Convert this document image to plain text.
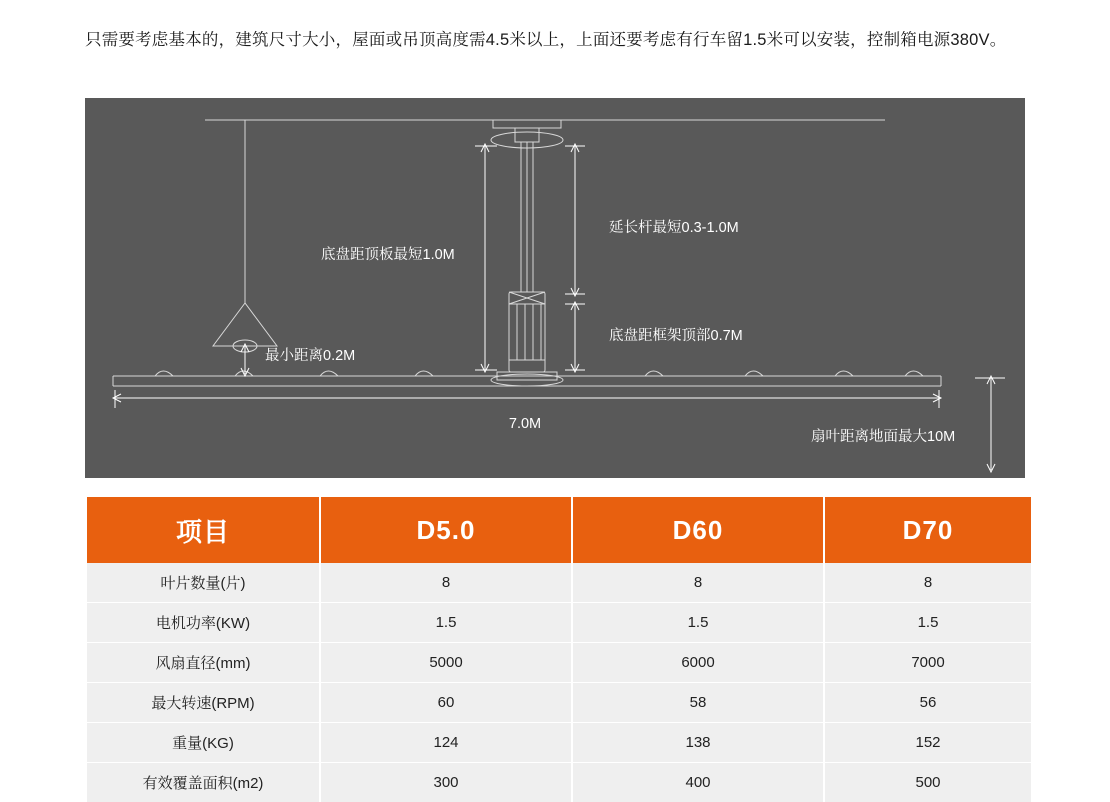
只需要考虑基本的，建筑尺寸大小，屋面或吊顶高度需4.5米以上，上面还要考虑有行车留1.5米可以安装，控制箱电源380V。
底盘距顶板最短1.0M
延长杆最短0.3-1.0M
底盘距框架顶部0.7M
最小距离0.2M
7.0M
扇叶距离地面最大10M
项目	D5.0	D60	D70
叶片数量(片)	8	8	8
电机功率(KW)	1.5	1.5	1.5
风扇直径(mm)	5000	6000	7000
最大转速(RPM)	60	58	56
重量(KG)	124	138	152
有效覆盖面积(m2)	300	400	500
